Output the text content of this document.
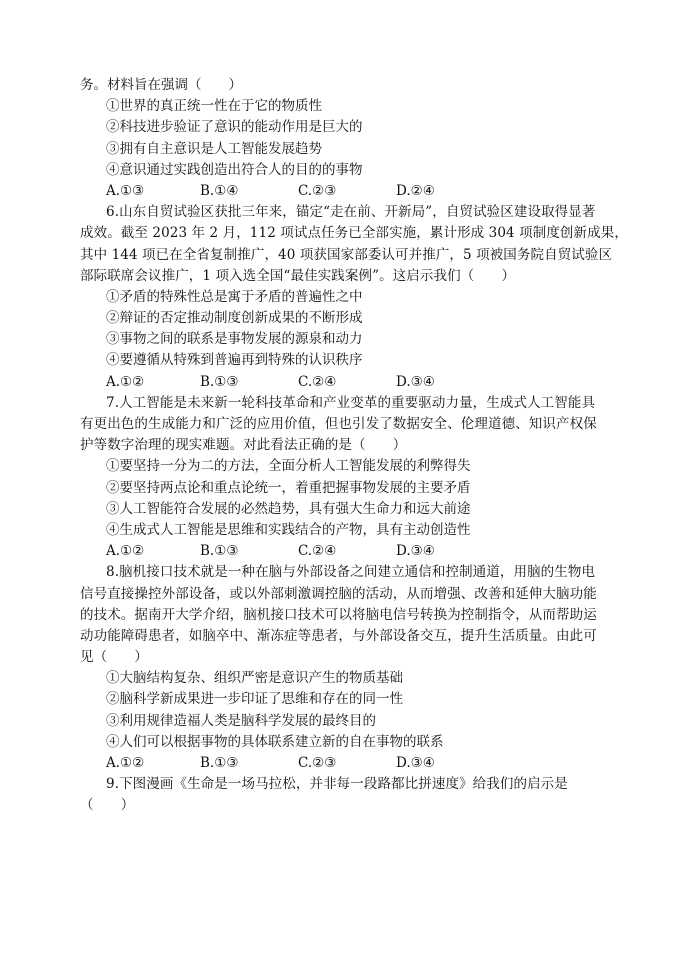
务。材料旨在强调（　　）
①世界的真正统一性在于它的物质性
②科技进步验证了意识的能动作用是巨大的
③拥有自主意识是人工智能发展趋势
④意识通过实践创造出符合人的目的的事物
A.①③	B.①④	C.②③	D.②④
6.山东自贸试验区获批三年来，锚定“走在前、开新局”，自贸试验区建设取得显著
成效。截至 2023 年 2 月，112 项试点任务已全部实施，累计形成 304 项制度创新成果，
其中 144 项已在全省复制推广，40 项获国家部委认可并推广，5 项被国务院自贸试验区
部际联席会议推广，1 项入选全国“最佳实践案例”。这启示我们（　　）
①矛盾的特殊性总是寓于矛盾的普遍性之中
②辩证的否定推动制度创新成果的不断形成
③事物之间的联系是事物发展的源泉和动力
④要遵循从特殊到普遍再到特殊的认识秩序
A.①②	B.①③	C.②④	D.③④
7.人工智能是未来新一轮科技革命和产业变革的重要驱动力量，生成式人工智能具
有更出色的生成能力和广泛的应用价值，但也引发了数据安全、伦理道德、知识产权保
护等数字治理的现实难题。对此看法正确的是（　　）
①要坚持一分为二的方法，全面分析人工智能发展的利弊得失
②要坚持两点论和重点论统一，着重把握事物发展的主要矛盾
③人工智能符合发展的必然趋势，具有强大生命力和远大前途
④生成式人工智能是思维和实践结合的产物，具有主动创造性
A.①②	B.①③	C.②④	D.③④
8.脑机接口技术就是一种在脑与外部设备之间建立通信和控制通道，用脑的生物电
信号直接操控外部设备，或以外部刺激调控脑的活动，从而增强、改善和延伸大脑功能
的技术。据南开大学介绍，脑机接口技术可以将脑电信号转换为控制指令，从而帮助运
动功能障碍患者，如脑卒中、渐冻症等患者，与外部设备交互，提升生活质量。由此可
见（　　）
①大脑结构复杂、组织严密是意识产生的物质基础
②脑科学新成果进一步印证了思维和存在的同一性
③利用规律造福人类是脑科学发展的最终目的
④人们可以根据事物的具体联系建立新的自在事物的联系
A.①②	B.①③	C.②③	D.③④
9.下图漫画《生命是一场马拉松，并非每一段路都比拼速度》给我们的启示是
（　　）
